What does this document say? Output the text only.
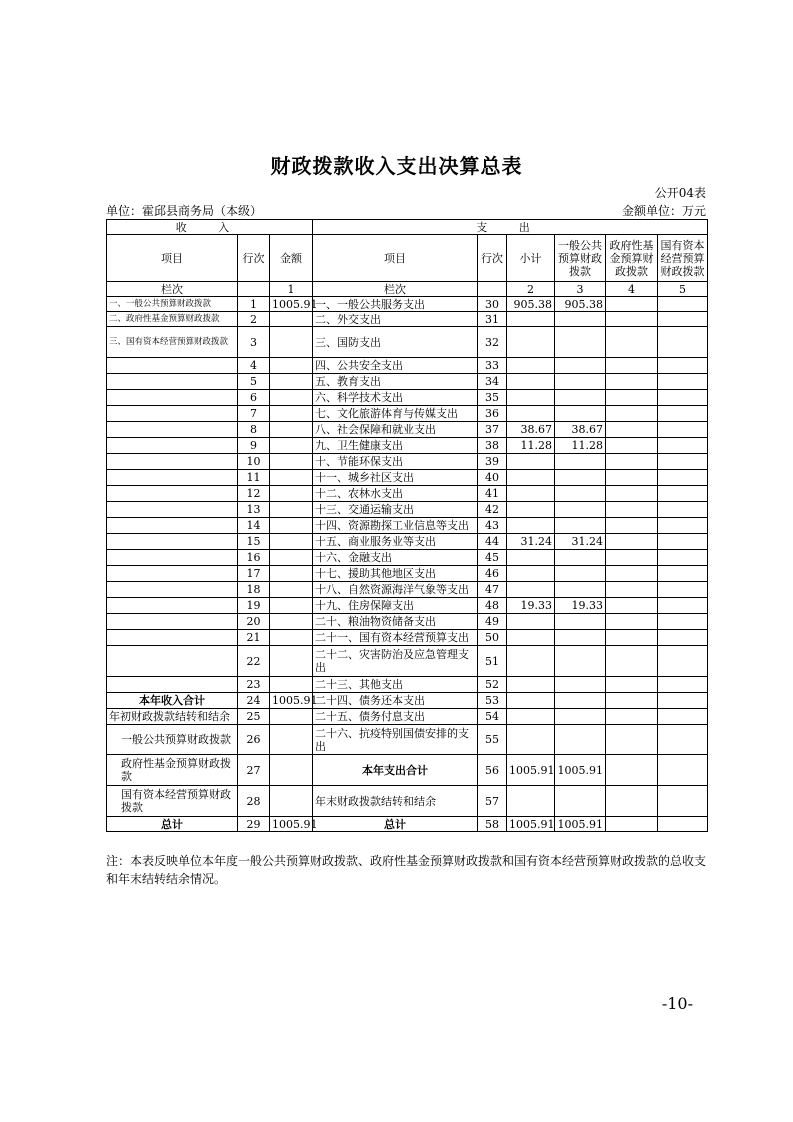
财政拨款收入支出决算总表
公开04表
单位：霍邱县商务局（本级）	金额单位：万元
收 入			支 出					
项目	行次	金额	项目	行次	小计	一般公共预算财政拨款	政府性基金预算财政拨款	国有资本经营预算财政拨款
栏次		1	栏次		2	3	4	5
一、一般公共预算财政拨款	1	1005.91	一、一般公共服务支出	30	905.38	905.38		
二、政府性基金预算财政拨款	2		二、外交支出	31				
三、国有资本经营预算财政拨款	3		三、国防支出	32				
	4		四、公共安全支出	33				
	5		五、教育支出	34				
	6		六、科学技术支出	35				
	7		七、文化旅游体育与传媒支出	36				
	8		八、社会保障和就业支出	37	38.67	38.67		
	9		九、卫生健康支出	38	11.28	11.28		
	10		十、节能环保支出	39				
	11		十一、城乡社区支出	40				
	12		十二、农林水支出	41				
	13		十三、交通运输支出	42				
	14		十四、资源勘探工业信息等支出	43				
	15		十五、商业服务业等支出	44	31.24	31.24		
	16		十六、金融支出	45				
	17		十七、援助其他地区支出	46				
	18		十八、自然资源海洋气象等支出	47				
	19		十九、住房保障支出	48	19.33	19.33		
	20		二十、粮油物资储备支出	49				
	21		二十一、国有资本经营预算支出	50				
	22		二十二、灾害防治及应急管理支出	51				
	23		二十三、其他支出	52				
本年收入合计	24	1005.91	二十四、债务还本支出	53				
年初财政拨款结转和结余	25		二十五、债务付息支出	54				
一般公共预算财政拨款	26		二十六、抗疫特别国债安排的支出	55				
政府性基金预算财政拨款	27		本年支出合计	56	1005.91	1005.91		
国有资本经营预算财政拨款	28		年末财政拨款结转和结余	57				
总计	29	1005.91	总计	58	1005.91	1005.91		
注：本表反映单位本年度一般公共预算财政拨款、政府性基金预算财政拨款和国有资本经营预算财政拨款的总收支和年末结转结余情况。
-10-
